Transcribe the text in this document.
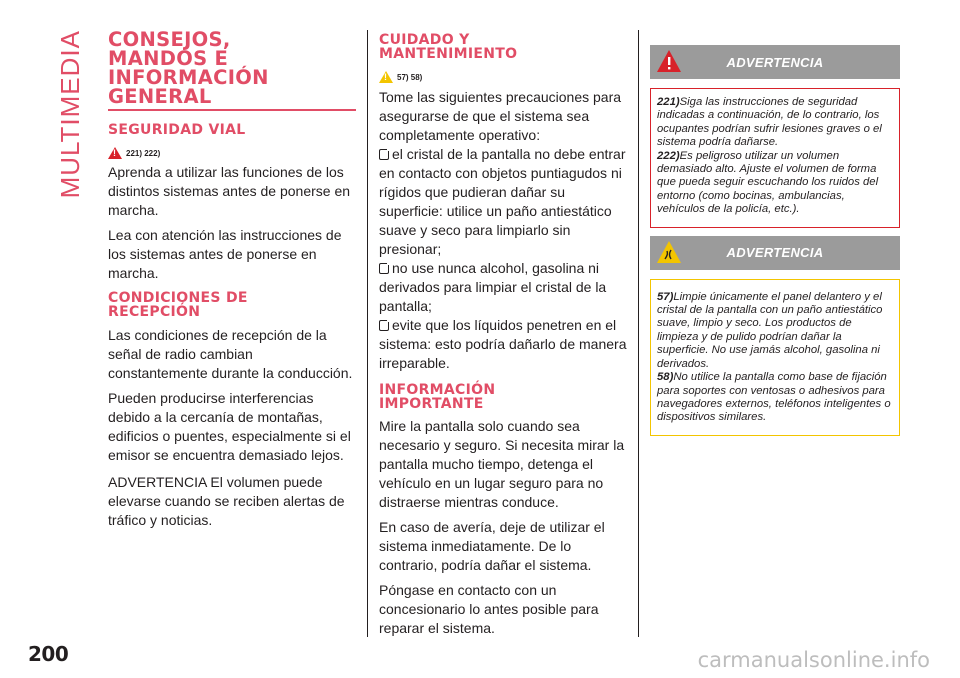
MULTIMEDIA CONSEJOS,
MANDOS E
INFORMACIÓN
GENERAL
SEGURIDAD VIAL
!
221) 222)

Aprenda a utilizar las funciones de los distintos sistemas antes de ponerse en marcha.

Lea con atención las instrucciones de los sistemas antes de ponerse en marcha.

CONDICIONES DE
RECEPCIÓN

Las condiciones de recepción de la señal de radio cambian constantemente durante la conducción.

Pueden producirse interferencias debido a la cercanía de montañas, edificios o puentes, especialmente si el emisor se encuentra demasiado lejos.

ADVERTENCIA El volumen puede elevarse cuando se reciben alertas de tráfico y noticias.

CUIDADO Y
MANTENIMIENTO
!
57) 58)

Tome las siguientes precauciones para asegurarse de que el sistema sea completamente operativo:

el cristal de la pantalla no debe entrar en contacto con objetos puntiagudos ni rígidos que pudieran dañar su superficie: utilice un paño antiestático suave y seco para limpiarlo sin presionar;

no use nunca alcohol, gasolina ni derivados para limpiar el cristal de la pantalla;

evite que los líquidos penetren en el sistema: esto podría dañarlo de manera irreparable.

INFORMACIÓN
IMPORTANTE

Mire la pantalla solo cuando sea necesario y seguro. Si necesita mirar la pantalla mucho tiempo, detenga el vehículo en un lugar seguro para no distraerse mientras conduce.

En caso de avería, deje de utilizar el sistema inmediatamente. De lo contrario, podría dañar el sistema.

Póngase en contacto con un concesionario lo antes posible para reparar el sistema.

ADVERTENCIA

221)Siga las instrucciones de seguridad indicadas a continuación, de lo contrario, los ocupantes podrían sufrir lesiones graves o el sistema podría dañarse.

222)Es peligroso utilizar un volumen demasiado alto. Ajuste el volumen de forma que pueda seguir escuchando los ruidos del entorno (como bocinas, ambulancias, vehículos de la policía, etc.).

ADVERTENCIA

57)Limpie únicamente el panel delantero y el cristal de la pantalla con un paño antiestático suave, limpio y seco. Los productos de limpieza y de pulido podrían dañar la superficie. No use jamás alcohol, gasolina ni derivados.

58)No utilice la pantalla como base de fijación para soportes con ventosas o adhesivos para navegadores externos, teléfonos inteligentes o dispositivos similares.

200	carmanualsonline.info
